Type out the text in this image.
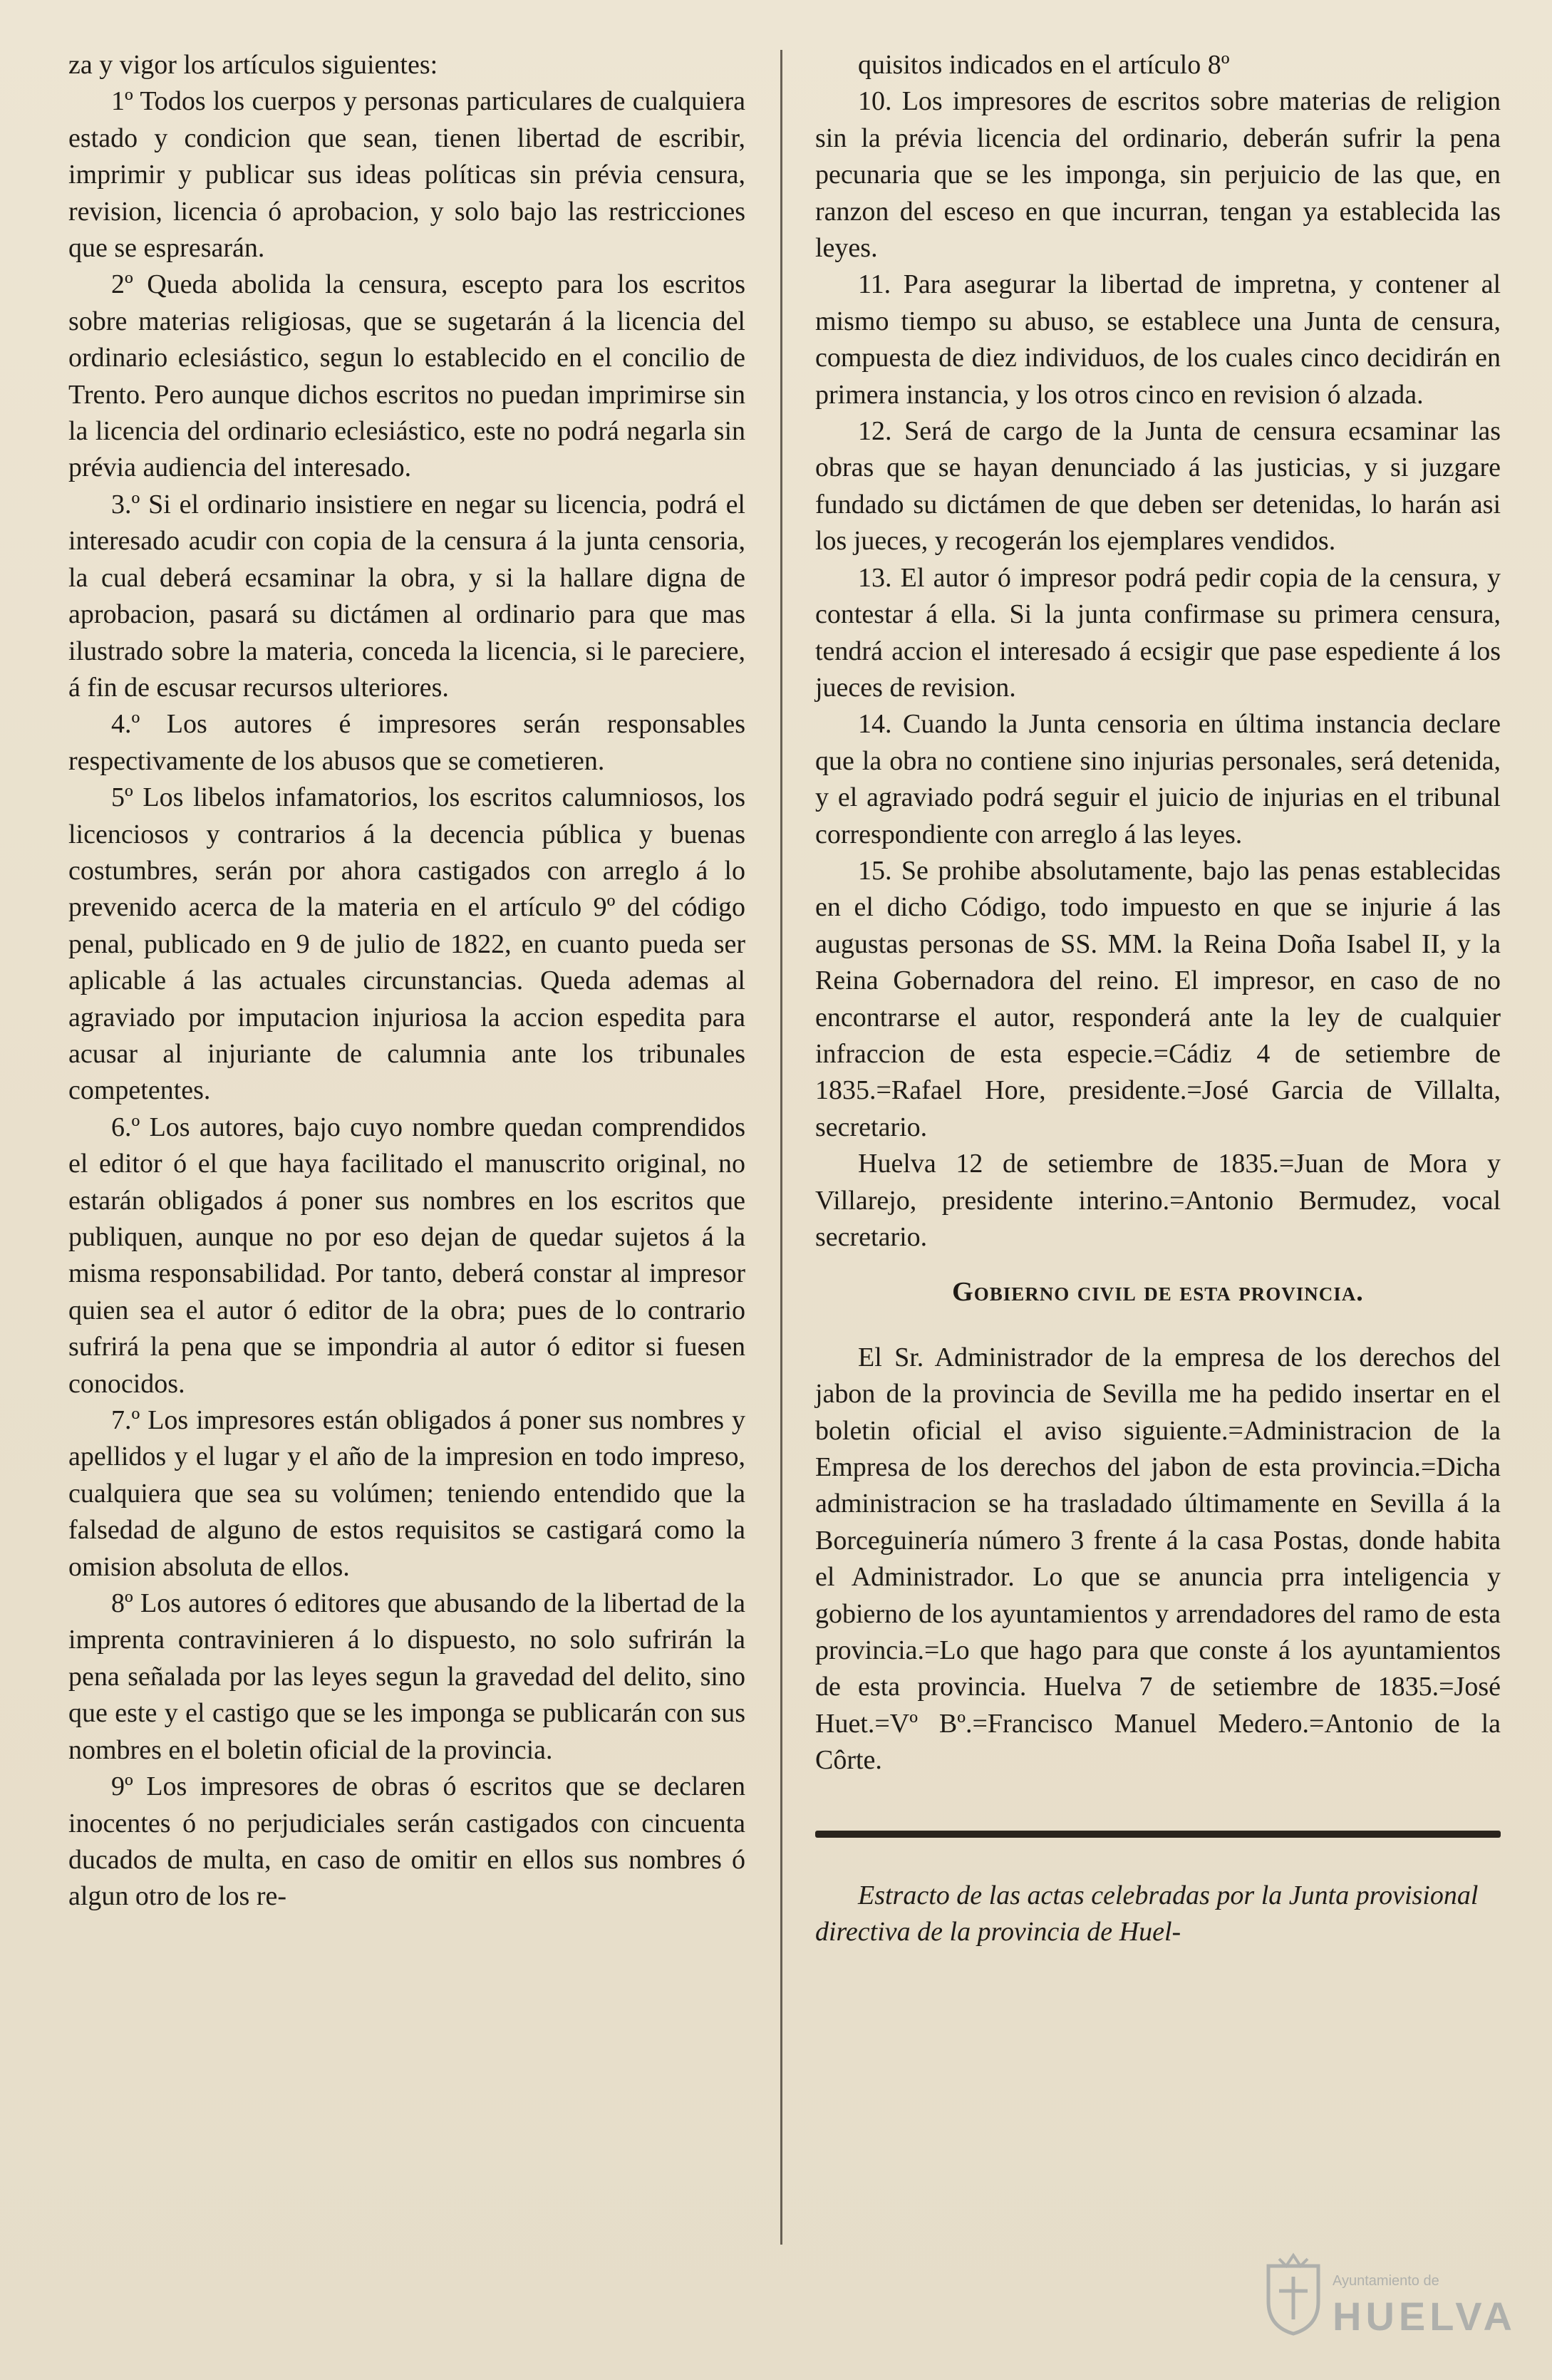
za y vigor los artículos siguientes:

1º Todos los cuerpos y personas particulares de cualquiera estado y condicion que sean, tienen libertad de escribir, imprimir y publicar sus ideas políticas sin prévia censura, revision, licencia ó aprobacion, y solo bajo las restricciones que se espresarán.

2º Queda abolida la censura, escepto para los escritos sobre materias religiosas, que se sugetarán á la licencia del ordinario eclesiástico, segun lo establecido en el concilio de Trento. Pero aunque dichos escritos no puedan imprimirse sin la licencia del ordinario eclesiástico, este no podrá negarla sin prévia audiencia del interesado.

3.º Si el ordinario insistiere en negar su licencia, podrá el interesado acudir con copia de la censura á la junta censoria, la cual deberá ecsaminar la obra, y si la hallare digna de aprobacion, pasará su dictámen al ordinario para que mas ilustrado sobre la materia, conceda la licencia, si le pareciere, á fin de escusar recursos ulteriores.

4.º Los autores é impresores serán responsables respectivamente de los abusos que se cometieren.

5º Los libelos infamatorios, los escritos calumniosos, los licenciosos y contrarios á la decencia pública y buenas costumbres, serán por ahora castigados con arreglo á lo prevenido acerca de la materia en el artículo 9º del código penal, publicado en 9 de julio de 1822, en cuanto pueda ser aplicable á las actuales circunstancias. Queda ademas al agraviado por imputacion injuriosa la accion espedita para acusar al injuriante de calumnia ante los tribunales competentes.

6.º Los autores, bajo cuyo nombre quedan comprendidos el editor ó el que haya facilitado el manuscrito original, no estarán obligados á poner sus nombres en los escritos que publiquen, aunque no por eso dejan de quedar sujetos á la misma responsabilidad. Por tanto, deberá constar al impresor quien sea el autor ó editor de la obra; pues de lo contrario sufrirá la pena que se impondria al autor ó editor si fuesen conocidos.

7.º Los impresores están obligados á poner sus nombres y apellidos y el lugar y el año de la impresion en todo impreso, cualquiera que sea su volúmen; teniendo entendido que la falsedad de alguno de estos requisitos se castigará como la omision absoluta de ellos.

8º Los autores ó editores que abusando de la libertad de la imprenta contravinieren á lo dispuesto, no solo sufrirán la pena señalada por las leyes segun la gravedad del delito, sino que este y el castigo que se les imponga se publicarán con sus nombres en el boletin oficial de la provincia.

9º Los impresores de obras ó escritos que se declaren inocentes ó no perjudiciales serán castigados con cincuenta ducados de multa, en caso de omitir en ellos sus nombres ó algun otro de los re-

quisitos indicados en el artículo 8º

10. Los impresores de escritos sobre materias de religion sin la prévia licencia del ordinario, deberán sufrir la pena pecunaria que se les imponga, sin perjuicio de las que, en ranzon del esceso en que incurran, tengan ya establecida las leyes.

11. Para asegurar la libertad de impretna, y contener al mismo tiempo su abuso, se establece una Junta de censura, compuesta de diez individuos, de los cuales cinco decidirán en primera instancia, y los otros cinco en revision ó alzada.

12. Será de cargo de la Junta de censura ecsaminar las obras que se hayan denunciado á las justicias, y si juzgare fundado su dictámen de que deben ser detenidas, lo harán asi los jueces, y recogerán los ejemplares vendidos.

13. El autor ó impresor podrá pedir copia de la censura, y contestar á ella. Si la junta confirmase su primera censura, tendrá accion el interesado á ecsigir que pase espediente á los jueces de revision.

14. Cuando la Junta censoria en última instancia declare que la obra no contiene sino injurias personales, será detenida, y el agraviado podrá seguir el juicio de injurias en el tribunal correspondiente con arreglo á las leyes.

15. Se prohibe absolutamente, bajo las penas establecidas en el dicho Código, todo impuesto en que se injurie á las augustas personas de SS. MM. la Reina Doña Isabel II, y la Reina Gobernadora del reino. El impresor, en caso de no encontrarse el autor, responderá ante la ley de cualquier infraccion de esta especie.=Cádiz 4 de setiembre de 1835.=Rafael Hore, presidente.=José Garcia de Villalta, secretario.

Huelva 12 de setiembre de 1835.=Juan de Mora y Villarejo, presidente interino.=Antonio Bermudez, vocal secretario.

Gobierno civil de esta provincia.

El Sr. Administrador de la empresa de los derechos del jabon de la provincia de Sevilla me ha pedido insertar en el boletin oficial el aviso siguiente.=Administracion de la Empresa de los derechos del jabon de esta provincia.=Dicha administracion se ha trasladado últimamente en Sevilla á la Borceguinería número 3 frente á la casa Postas, donde habita el Administrador. Lo que se anuncia prra inteligencia y gobierno de los ayuntamientos y arrendadores del ramo de esta provincia.=Lo que hago para que conste á los ayuntamientos de esta provincia. Huelva 7 de setiembre de 1835.=José Huet.=Vº Bº.=Francisco Manuel Medero.=Antonio de la Côrte.

Estracto de las actas celebradas por la Junta provisional directiva de la provincia de Huel-

Ayuntamiento de
HUELVA
